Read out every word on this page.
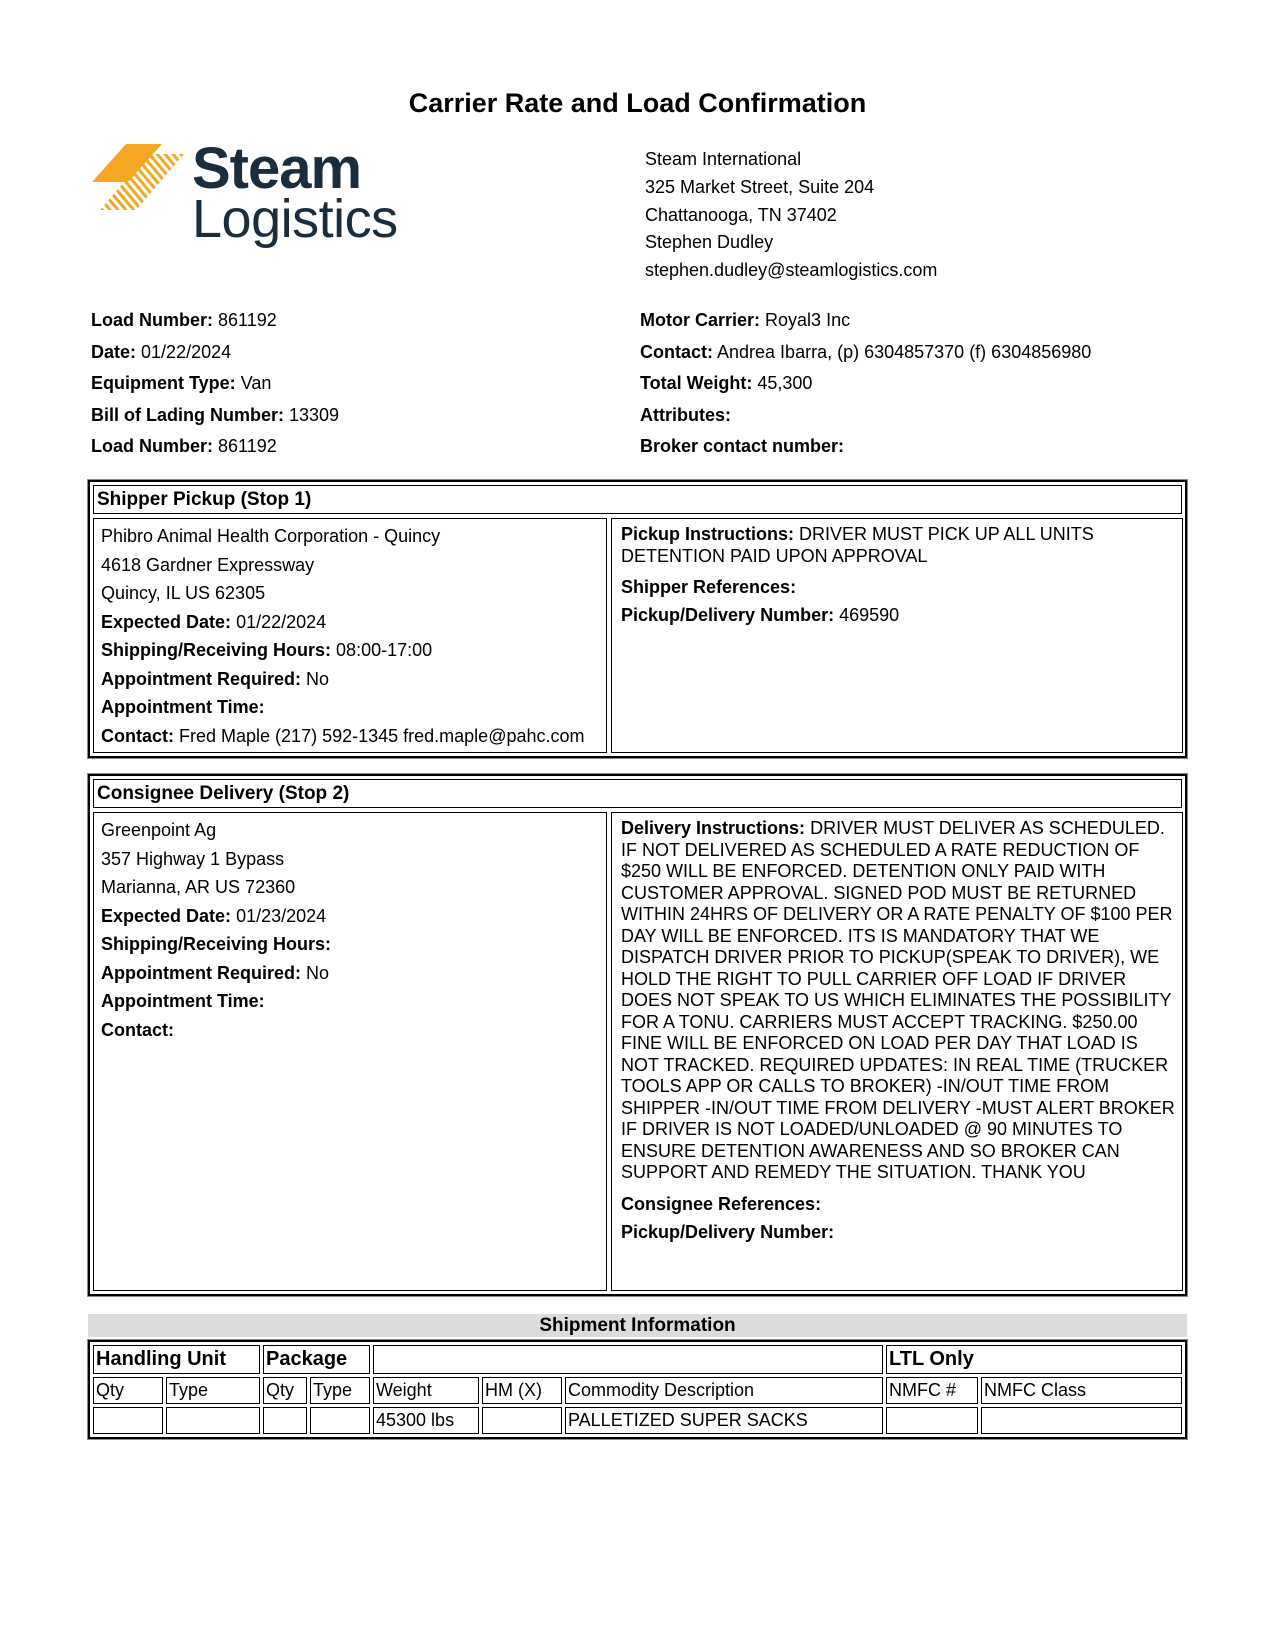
Carrier Rate and Load Confirmation
Steam
Logistics
Steam International
325 Market Street, Suite 204
Chattanooga, TN 37402
Stephen Dudley
stephen.dudley@steamlogistics.com
Load Number: 861192
Date: 01/22/2024
Equipment Type: Van
Bill of Lading Number: 13309
Load Number: 861192
Motor Carrier: Royal3 Inc
Contact: Andrea Ibarra, (p) 6304857370 (f) 6304856980
Total Weight: 45,300
Attributes:
Broker contact number:
Shipper Pickup (Stop 1)
Phibro Animal Health Corporation - Quincy
4618 Gardner Expressway
Quincy, IL US 62305
Expected Date: 01/22/2024
Shipping/Receiving Hours: 08:00-17:00
Appointment Required: No
Appointment Time:
Contact: Fred Maple (217) 592-1345 fred.maple@pahc.com
Pickup Instructions: DRIVER MUST PICK UP ALL UNITS DETENTION PAID UPON APPROVAL
Shipper References:
Pickup/Delivery Number: 469590
Consignee Delivery (Stop 2)
Greenpoint Ag
357 Highway 1 Bypass
Marianna, AR US 72360
Expected Date: 01/23/2024
Shipping/Receiving Hours:
Appointment Required: No
Appointment Time:
Contact:
Delivery Instructions: DRIVER MUST DELIVER AS SCHEDULED. IF NOT DELIVERED AS SCHEDULED A RATE REDUCTION OF $250 WILL BE ENFORCED. DETENTION ONLY PAID WITH CUSTOMER APPROVAL. SIGNED POD MUST BE RETURNED WITHIN 24HRS OF DELIVERY OR A RATE PENALTY OF $100 PER DAY WILL BE ENFORCED. ITS IS MANDATORY THAT WE DISPATCH DRIVER PRIOR TO PICKUP(SPEAK TO DRIVER), WE HOLD THE RIGHT TO PULL CARRIER OFF LOAD IF DRIVER DOES NOT SPEAK TO US WHICH ELIMINATES THE POSSIBILITY FOR A TONU. CARRIERS MUST ACCEPT TRACKING. $250.00 FINE WILL BE ENFORCED ON LOAD PER DAY THAT LOAD IS NOT TRACKED. REQUIRED UPDATES: IN REAL TIME (TRUCKER TOOLS APP OR CALLS TO BROKER) -IN/OUT TIME FROM SHIPPER -IN/OUT TIME FROM DELIVERY -MUST ALERT BROKER IF DRIVER IS NOT LOADED/UNLOADED @ 90 MINUTES TO ENSURE DETENTION AWARENESS AND SO BROKER CAN SUPPORT AND REMEDY THE SITUATION. THANK YOU
Consignee References:
Pickup/Delivery Number:
Shipment Information
Handling Unit		Package					LTL Only	
Qty	Type	Qty	Type	Weight	HM (X)	Commodity Description	NMFC #	NMFC Class
				45300 lbs		PALLETIZED SUPER SACKS		
